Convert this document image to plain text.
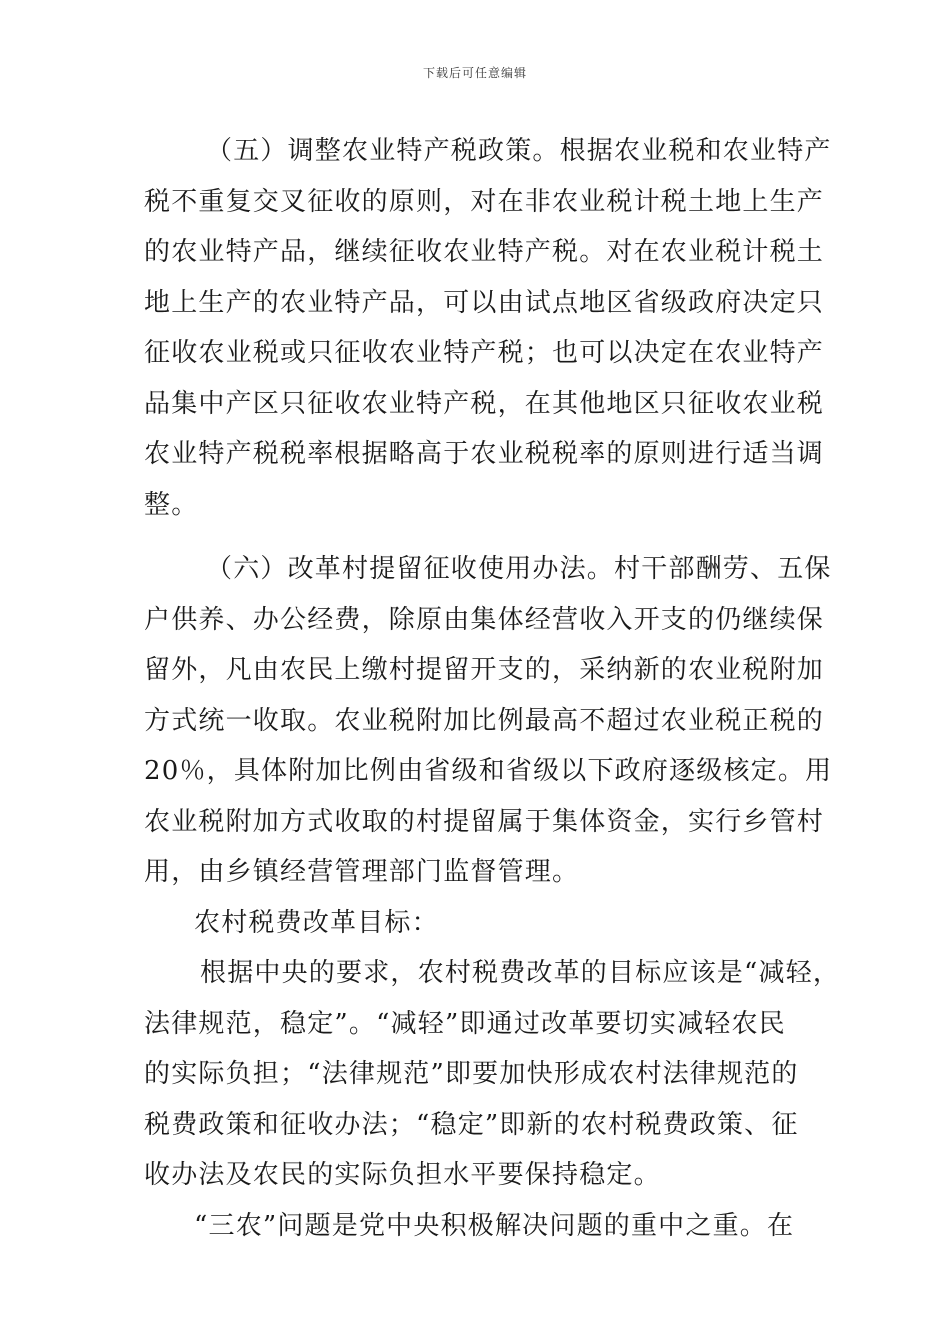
下载后可任意编辑
（五）调整农业特产税政策。根据农业税和农业特产
税不重复交叉征收的原则，对在非农业税计税土地上生产
的农业特产品，继续征收农业特产税。对在农业税计税土
地上生产的农业特产品，可以由试点地区省级政府决定只
征收农业税或只征收农业特产税；也可以决定在农业特产
品集中产区只征收农业特产税，在其他地区只征收农业税
农业特产税税率根据略高于农业税税率的原则进行适当调
整。
（六）改革村提留征收使用办法。村干部酬劳、五保
户供养、办公经费，除原由集体经营收入开支的仍继续保
留外，凡由农民上缴村提留开支的，采纳新的农业税附加
方式统一收取。农业税附加比例最高不超过农业税正税的
20％，具体附加比例由省级和省级以下政府逐级核定。用
农业税附加方式收取的村提留属于集体资金，实行乡管村
用，由乡镇经营管理部门监督管理。
农村税费改革目标：
根据中央的要求，农村税费改革的目标应该是“减轻，
法律规范，稳定”。“减轻”即通过改革要切实减轻农民
的实际负担；“法律规范”即要加快形成农村法律规范的
税费政策和征收办法；“稳定”即新的农村税费政策、征
收办法及农民的实际负担水平要保持稳定。
“三农”问题是党中央积极解决问题的重中之重。在
